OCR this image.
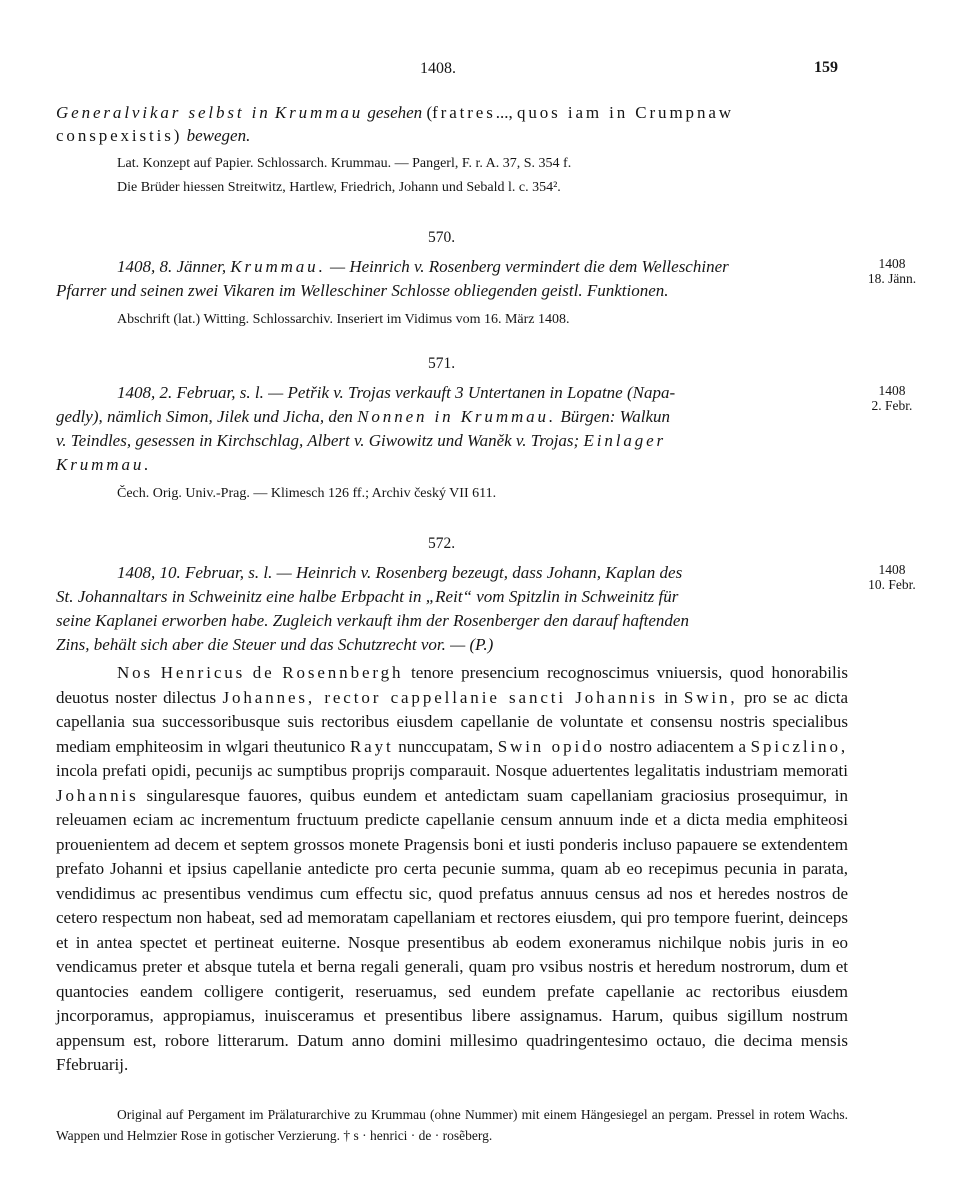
1408.	159
Generalvikar selbst in Krummau gesehen (fratres..., quos iam in Crumpnaw
conspexistis) bewegen.
Lat. Konzept auf Papier. Schlossarch. Krummau. — Pangerl, F. r. A. 37, S. 354 f.
Die Brüder hiessen Streitwitz, Hartlew, Friedrich, Johann und Sebald l. c. 354².
570.
1408, 8. Jänner, Krummau. — Heinrich v. Rosenberg vermindert die dem Welleschiner
Pfarrer und seinen zwei Vikaren im Welleschiner Schlosse obliegenden geistl. Funktionen.
Abschrift (lat.) Witting. Schlossarchiv. Inseriert im Vidimus vom 16. März 1408.
1408
18. Jänn.
571.
1408, 2. Februar, s. l. — Petřik v. Trojas verkauft 3 Untertanen in Lopatne (Napa-
gedly), nämlich Simon, Jilek und Jicha, den Nonnen in Krummau. Bürgen: Walkun
v. Teindles, gesessen in Kirchschlag, Albert v. Giwowitz und Waněk v. Trojas; Einlager
Krummau.
Čech. Orig. Univ.-Prag. — Klimesch 126 ff.; Archiv český VII 611.
1408
2. Febr.
572.
1408, 10. Februar, s. l. — Heinrich v. Rosenberg bezeugt, dass Johann, Kaplan des
St. Johannaltars in Schweinitz eine halbe Erbpacht in „Reit“ vom Spitzlin in Schweinitz für
seine Kaplanei erworben habe. Zugleich verkauft ihm der Rosenberger den darauf haftenden
Zins, behält sich aber die Steuer und das Schutzrecht vor. — (P.)
1408
10. Febr.

Nos Henricus de Rosennbergh tenore presencium recognoscimus vniuersis, quod honorabilis deuotus noster dilectus Johannes, rector cappellanie sancti Johannis in Swin, pro se ac dicta capellania sua successoribusque suis rectoribus eiusdem capellanie de voluntate et consensu nostris specialibus mediam emphiteosim in wlgari theutunico Rayt nunccupatam, Swin opido nostro adiacentem a Spiczlino, incola prefati opidi, pecunijs ac sumptibus proprijs comparauit. Nosque aduertentes legalitatis industriam memorati Johannis singularesque fauores, quibus eundem et antedictam suam capellaniam graciosius prosequimur, in releuamen eciam ac incrementum fructuum predicte capellanie censum annuum inde et a dicta media emphiteosi prouenientem ad decem et septem grossos monete Pragensis boni et iusti ponderis incluso papauere se extendentem prefato Johanni et ipsius capellanie antedicte pro certa pecunie summa, quam ab eo recepimus pecunia in parata, vendidimus ac presentibus vendimus cum effectu sic, quod prefatus annuus census ad nos et heredes nostros de cetero respectum non habeat, sed ad memoratam capellaniam et rectores eiusdem, qui pro tempore fuerint, deinceps et in antea spectet et pertineat euiterne. Nosque presentibus ab eodem exoneramus nichilque nobis juris in eo vendicamus preter et absque tutela et berna regali generali, quam pro vsibus nostris et heredum nostrorum, dum et quantocies eandem colligere contigerit, reseruamus, sed eundem prefate capellanie ac rectoribus eiusdem jncorporamus, appropiamus, inuisceramus et presentibus libere assignamus. Harum, quibus sigillum nostrum appensum est, robore litterarum. Datum anno domini millesimo quadringentesimo octauo, die decima mensis Ffebruarij.

Original auf Pergament im Prälaturarchive zu Krummau (ohne Nummer) mit einem Hängesiegel an pergam. Pressel in rotem Wachs. Wappen und Helmzier Rose in gotischer Verzierung. † s · henrici · de · rosẽberg.
